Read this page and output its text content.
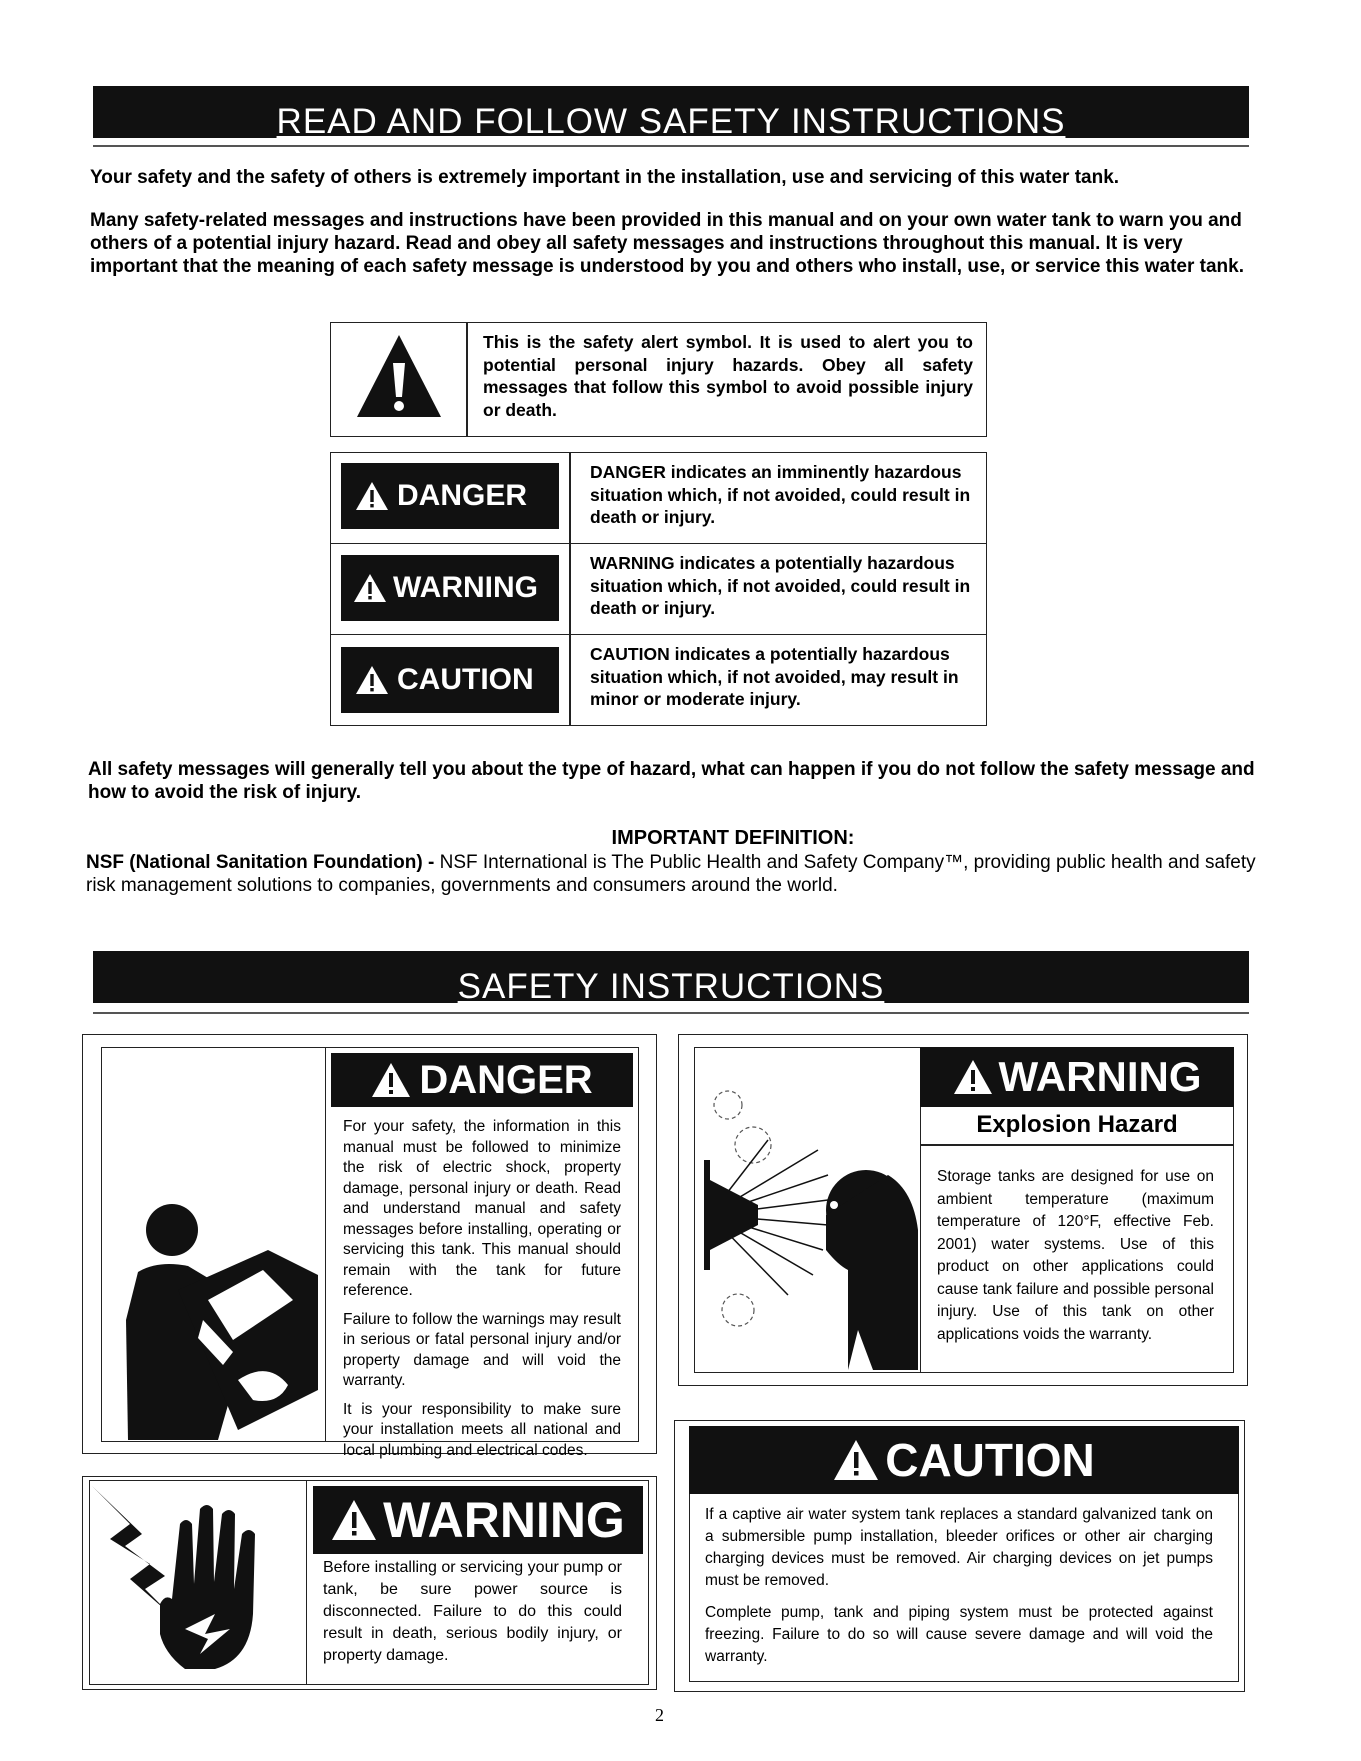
READ AND FOLLOW SAFETY INSTRUCTIONS
Your safety and the safety of others is extremely important in the installation, use and servicing of this water tank.
Many safety-related messages and instructions have been provided in this manual and on your own water tank to warn you and others of a potential injury hazard. Read and obey all safety messages and instructions throughout this manual. It is very important that the meaning of each safety message is understood by you and others who install, use, or service this water tank.
This is the safety alert symbol. It is used to alert you to potential personal injury hazards. Obey all safety messages that follow this symbol to avoid possible injury or death.
DANGER
DANGER indicates an imminently hazardous situation which, if not avoided, could result in death or injury.
WARNING
WARNING indicates a potentially hazardous situation which, if not avoided, could result in death or injury.
CAUTION
CAUTION indicates a potentially hazardous situation which, if not avoided, may result in minor or moderate injury.
All safety messages will generally tell you about the type of hazard, what can happen if you do not follow the safety message and how to avoid the risk of injury.
IMPORTANT DEFINITION:
NSF (National Sanitation Foundation) - NSF International is The Public Health and Safety Company™, providing public health and safety risk management solutions to companies, governments and consumers around the world.
SAFETY INSTRUCTIONS
DANGER

For your safety, the information in this manual must be followed to minimize the risk of electric shock, property damage, personal injury or death. Read and understand manual and safety messages before installing, operating or servicing this tank. This manual should remain with the tank for future reference.

Failure to follow the warnings may result in serious or fatal personal injury and/or property damage and will void the warranty.

It is your responsibility to make sure your installation meets all national and local plumbing and electrical codes.

WARNING
Explosion Hazard
Storage tanks are designed for use on ambient temperature (maximum temperature of 120°F, effective Feb. 2001) water systems. Use of this product on other applications could cause tank failure and possible personal injury. Use of this tank on other applications voids the warranty.
WARNING
Before installing or servicing your pump or tank, be sure power source is disconnected. Failure to do this could result in death, serious bodily injury, or property damage.
CAUTION

If a captive air water system tank replaces a standard galvanized tank on a submersible pump installation, bleeder orifices or other air charging charging devices must be removed. Air charging devices on jet pumps must be removed.

Complete pump, tank and piping system must be protected against freezing. Failure to do so will cause severe damage and will void the warranty.

2
